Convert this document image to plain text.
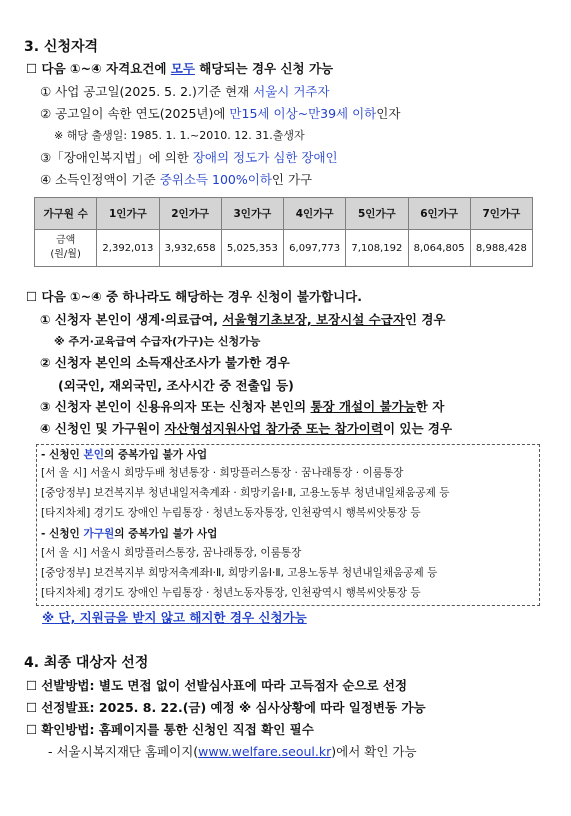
3. 신청자격
☐ 다음 ①~④ 자격요건에 모두 해당되는 경우 신청 가능
① 사업 공고일(2025. 5. 2.)기준 현재 서울시 거주자
② 공고일이 속한 연도(2025년)에 만15세 이상~만39세 이하인자
※ 해당 출생일: 1985. 1. 1.~2010. 12. 31.출생자
③「장애인복지법」에 의한 장애의 정도가 심한 장애인
④ 소득인정액이 기준 중위소득 100%이하인 가구
가구원 수	1인가구	2인가구	3인가구	4인가구	5인가구	6인가구	7인가구
금액
(원/월)	2,392,013	3,932,658	5,025,353	6,097,773	7,108,192	8,064,805	8,988,428
☐ 다음 ①~④ 중 하나라도 해당하는 경우 신청이 불가합니다.
① 신청자 본인이 생계·의료급여, 서울형기초보장, 보장시설 수급자인 경우
※ 주거·교육급여 수급자(가구)는 신청가능
② 신청자 본인의 소득재산조사가 불가한 경우
(외국인, 재외국민, 조사시간 중 전출입 등)
③ 신청자 본인이 신용유의자 또는 신청자 본인의 통장 개설이 불가능한 자
④ 신청인 및 가구원이 자산형성지원사업 참가중 또는 참가이력이 있는 경우
- 신청인 본인의 중복가입 불가 사업
[서 울 시] 서울시 희망두배 청년통장 · 희망플러스통장 · 꿈나래통장 · 이룸통장
[중앙정부] 보건복지부 청년내일저축계좌 · 희망키움Ⅰ·Ⅱ, 고용노동부 청년내일채움공제 등
[타지차체] 경기도 장애인 누림통장 · 청년노동자통장, 인천광역시 행복씨앗통장 등
- 신청인 가구원의 중복가입 불가 사업
[서 울 시] 서울시 희망플러스통장, 꿈나래통장, 이룸통장
[중앙정부] 보건복지부 희망저축계좌Ⅰ·Ⅱ, 희망키움Ⅰ·Ⅱ, 고용노동부 청년내일채움공제 등
[타지차체] 경기도 장애인 누림통장 · 청년노동자통장, 인천광역시 행복씨앗통장 등
※ 단, 지원금을 받지 않고 해지한 경우 신청가능
4. 최종 대상자 선정
☐ 선발방법: 별도 면접 없이 선발심사표에 따라 고득점자 순으로 선정
☐ 선정발표: 2025. 8. 22.(금) 예정 ※ 심사상황에 따라 일정변동 가능
☐ 확인방법: 홈페이지를 통한 신청인 직접 확인 필수
- 서울시복지재단 홈페이지(www.welfare.seoul.kr)에서 확인 가능
